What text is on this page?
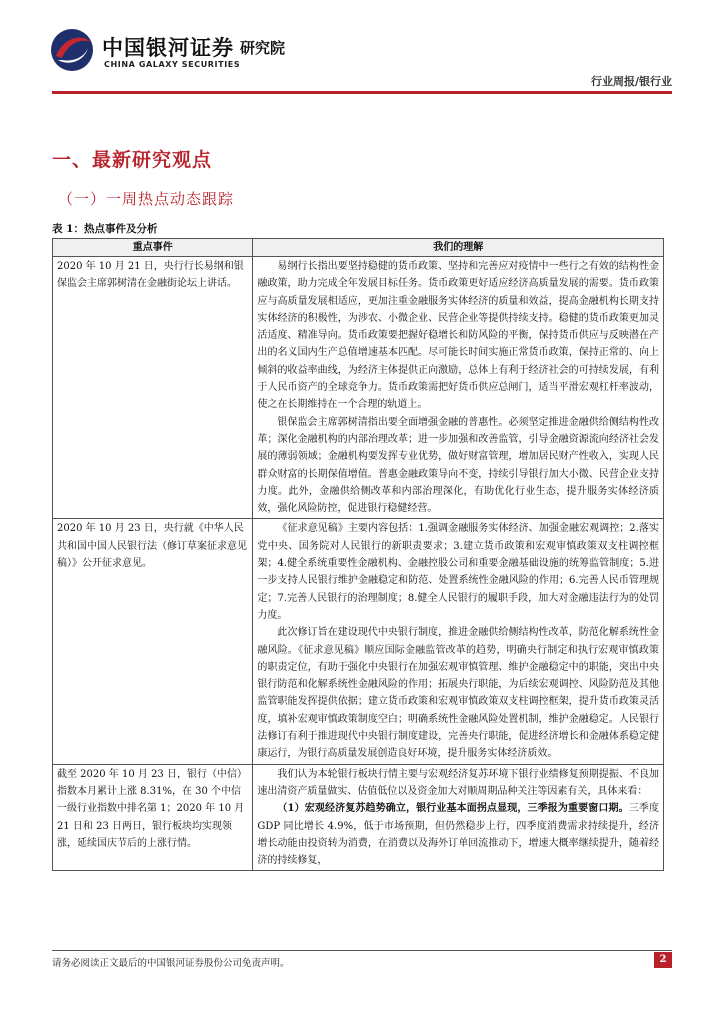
中国银河证券
CHINA GALAXY SECURITIES
研究院
行业周报/银行业
一、最新研究观点
（一）一周热点动态跟踪
表 1：热点事件及分析
重点事件	我们的理解
2020 年 10 月 21 日，央行行长易纲和银保监会主席郭树清在金融街论坛上讲话。	易纲行长指出要坚持稳健的货币政策、坚持和完善应对疫情中一些行之有效的结构性金融政策，助力完成全年发展目标任务。货币政策更好适应经济高质量发展的需要。货币政策应与高质量发展相适应，更加注重金融服务实体经济的质量和效益，提高金融机构长期支持实体经济的积极性，为涉农、小微企业、民营企业等提供持续支持。稳健的货币政策更加灵活适度、精准导向。货币政策要把握好稳增长和防风险的平衡，保持货币供应与反映潜在产出的名义国内生产总值增速基本匹配。尽可能长时间实施正常货币政策，保持正常的、向上倾斜的收益率曲线，为经济主体提供正向激励，总体上有利于经济社会的可持续发展，有利于人民币资产的全球竞争力。货币政策需把好货币供应总闸门，适当平滑宏观杠杆率波动，使之在长期维持在一个合理的轨道上。

银保监会主席郭树清指出要全面增强金融的普惠性。必须坚定推进金融供给侧结构性改革；深化金融机构的内部治理改革；进一步加强和改善监管，引导金融资源流向经济社会发展的薄弱领域；金融机构要发挥专业优势，做好财富管理，增加居民财产性收入，实现人民群众财富的长期保值增值。普惠金融政策导向不变，持续引导银行加大小微、民营企业支持力度。此外，金融供给侧改革和内部治理深化，有助优化行业生态，提升服务实体经济质效，强化风险防控，促进银行稳健经营。

2020 年 10 月 23 日，央行就《中华人民共和国中国人民银行法（修订草案征求意见稿）》公开征求意见。	《征求意见稿》主要内容包括：1.强调金融服务实体经济、加强金融宏观调控；2.落实党中央、国务院对人民银行的新职责要求；3.建立货币政策和宏观审慎政策双支柱调控框架；4.健全系统重要性金融机构、金融控股公司和重要金融基础设施的统筹监管制度；5.进一步支持人民银行维护金融稳定和防范、处置系统性金融风险的作用；6.完善人民币管理规定；7.完善人民银行的治理制度；8.健全人民银行的履职手段，加大对金融违法行为的处罚力度。

此次修订旨在建设现代中央银行制度，推进金融供给侧结构性改革，防范化解系统性金融风险。《征求意见稿》顺应国际金融监管改革的趋势，明确央行制定和执行宏观审慎政策的职责定位，有助于强化中央银行在加强宏观审慎管理、维护金融稳定中的职能，突出中央银行防范和化解系统性金融风险的作用；拓展央行职能，为后续宏观调控、风险防范及其他监管职能发挥提供依据；建立货币政策和宏观审慎政策双支柱调控框架，提升货币政策灵活度，填补宏观审慎政策制度空白；明确系统性金融风险处置机制，维护金融稳定。人民银行法修订有利于推进现代中央银行制度建设，完善央行职能，促进经济增长和金融体系稳定健康运行，为银行高质量发展创造良好环境，提升服务实体经济质效。

截至 2020 年 10 月 23 日，银行（中信）指数本月累计上涨 8.31%，在 30 个中信一级行业指数中排名第 1；2020 年 10 月 21 日和 23 日两日，银行板块均实现领涨，延续国庆节后的上涨行情。	我们认为本轮银行板块行情主要与宏观经济复苏环境下银行业绩修复预期提振、不良加速出清资产质量做实、估值低位以及资金加大对顺周期品种关注等因素有关，具体来看：

（1）宏观经济复苏趋势确立，银行业基本面拐点显现，三季报为重要窗口期。三季度 GDP 同比增长 4.9%，低于市场预期，但仍然稳步上行，四季度消费需求持续提升，经济增长动能由投资转为消费，在消费以及海外订单回流推动下，增速大概率继续提升，随着经济的持续修复，

请务必阅读正文最后的中国银河证券股份公司免责声明。	2
